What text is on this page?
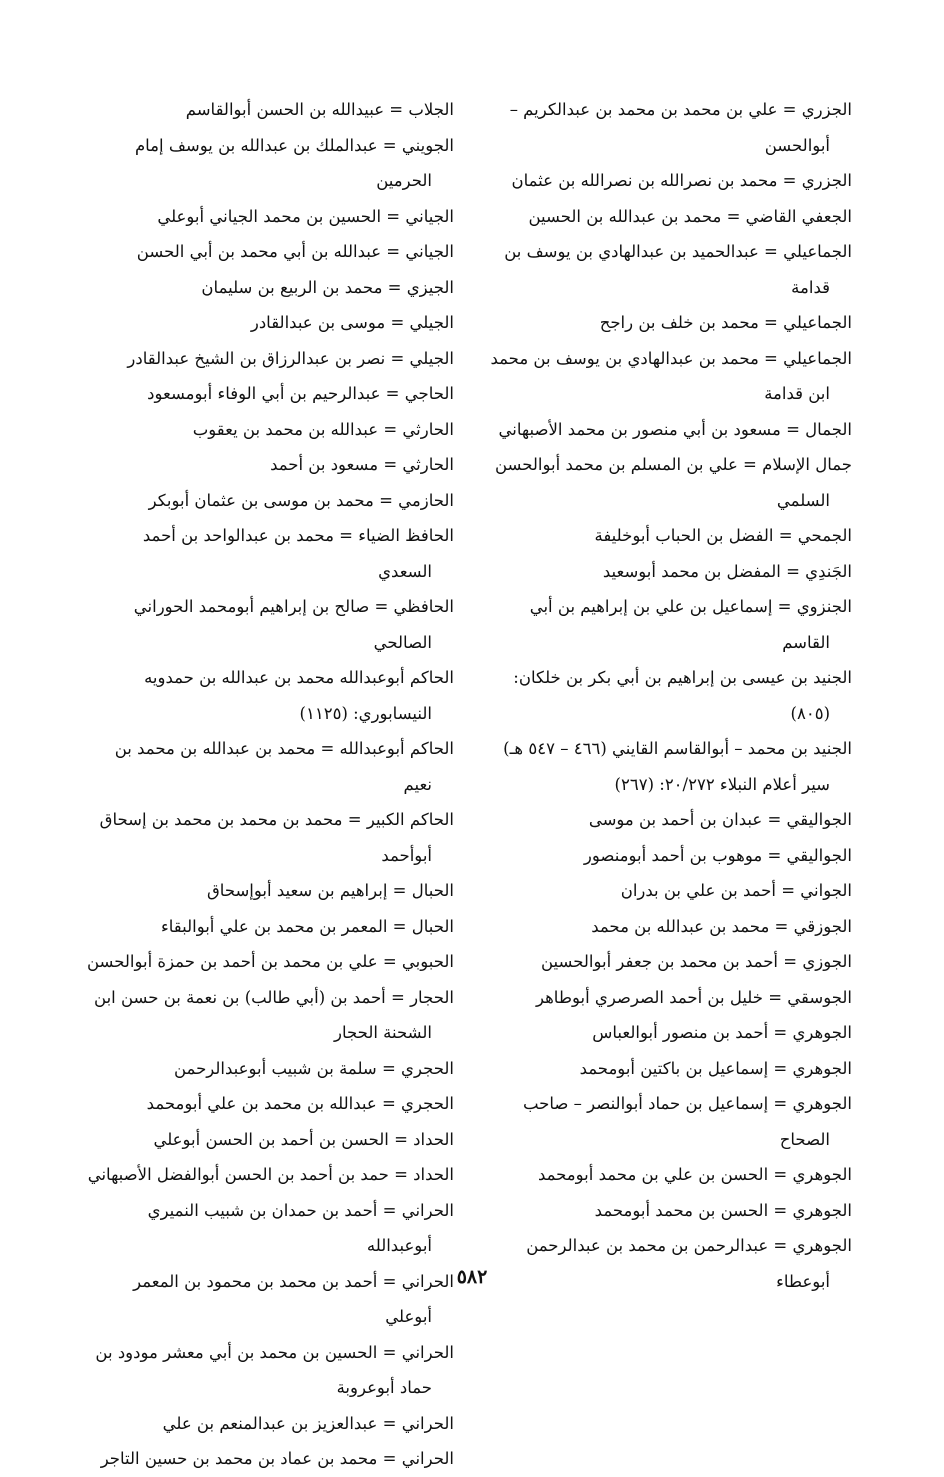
الجزري = علي بن محمد بن محمد بن عبدالكريم – أبوالحسن
الجزري = محمد بن نصرالله بن نصرالله بن عثمان
الجعفي القاضي = محمد بن عبدالله بن الحسين
الجماعيلي = عبدالحميد بن عبدالهادي بن يوسف بن قدامة
الجماعيلي = محمد بن خلف بن راجح
الجماعيلي = محمد بن عبدالهادي بن يوسف بن محمد ابن قدامة
الجمال = مسعود بن أبي منصور بن محمد الأصبهاني
جمال الإسلام = علي بن المسلم بن محمد أبوالحسن السلمي
الجمحي = الفضل بن الحباب أبوخليفة
الجَندِي = المفضل بن محمد أبوسعيد
الجنزوي = إسماعيل بن علي بن إبراهيم بن أبي القاسم
الجنيد بن عيسى بن إبراهيم بن أبي بكر بن خلكان: (٨٠٥)
الجنيد بن محمد – أبوالقاسم القايني (٤٦٦ – ٥٤٧ هـ) سير أعلام النبلاء ٢٠/٢٧٢: (٢٦٧)
الجواليقي = عبدان بن أحمد بن موسى
الجواليقي = موهوب بن أحمد أبومنصور
الجواني = أحمد بن علي بن بدران
الجوزقي = محمد بن عبدالله بن محمد
الجوزي = أحمد بن محمد بن جعفر أبوالحسين
الجوسقي = خليل بن أحمد الصرصري أبوطاهر
الجوهري = أحمد بن منصور أبوالعباس
الجوهري = إسماعيل بن باكتين أبومحمد
الجوهري = إسماعيل بن حماد أبوالنصر – صاحب الصحاح
الجوهري = الحسن بن علي بن محمد أبومحمد
الجوهري = الحسن بن محمد أبومحمد
الجوهري = عبدالرحمن بن محمد بن عبدالرحمن أبوعطاء
الجلاب = عبيدالله بن الحسن أبوالقاسم
الجويني = عبدالملك بن عبدالله بن يوسف إمام الحرمين
الجياني = الحسين بن محمد الجياني أبوعلي
الجياني = عبدالله بن أبي محمد بن أبي الحسن
الجيزي = محمد بن الربيع بن سليمان
الجيلي = موسى بن عبدالقادر
الجيلي = نصر بن عبدالرزاق بن الشيخ عبدالقادر
الحاجي = عبدالرحيم بن أبي الوفاء أبومسعود
الحارثي = عبدالله بن محمد بن يعقوب
الحارثي = مسعود بن أحمد
الحازمي = محمد بن موسى بن عثمان أبوبكر
الحافظ الضياء = محمد بن عبدالواحد بن أحمد السعدي
الحافظي = صالح بن إبراهيم أبومحمد الحوراني الصالحي
الحاكم أبوعبدالله محمد بن عبدالله بن حمدويه النيسابوري: (١١٢٥)
الحاكم أبوعبدالله = محمد بن عبدالله بن محمد بن نعيم
الحاكم الكبير = محمد بن محمد بن محمد بن إسحاق أبوأحمد
الحبال = إبراهيم بن سعيد أبوإسحاق
الحبال = المعمر بن محمد بن علي أبوالبقاء
الحبوبي = علي بن محمد بن أحمد بن حمزة أبوالحسن
الحجار = أحمد بن (أبي طالب) بن نعمة بن حسن ابن الشحنة الحجار
الحجري = سلمة بن شبيب أبوعبدالرحمن
الحجري = عبدالله بن محمد بن علي أبومحمد
الحداد = الحسن بن أحمد بن الحسن أبوعلي
الحداد = حمد بن أحمد بن الحسن أبوالفضل الأصبهاني
الحراني = أحمد بن حمدان بن شبيب النميري أبوعبدالله
الحراني = أحمد بن محمد بن محمود بن المعمر أبوعلي
الحراني = الحسين بن محمد بن أبي معشر مودود بن حماد أبوعروبة
الحراني = عبدالعزيز بن عبدالمنعم بن علي
الحراني = محمد بن عماد بن محمد بن حسين التاجر
٥٨٢
